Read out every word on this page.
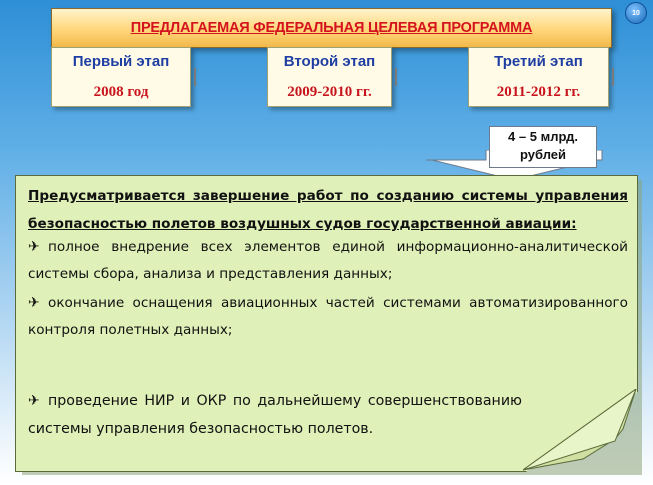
10
ПРЕДЛАГАЕМАЯ ФЕДЕРАЛЬНАЯ ЦЕЛЕВАЯ ПРОГРАММА
Первый этап
2008 год
Второй этап
2009-2010 гг.
Третий этап
2011-2012 гг.
4 – 5 млрд.
рублей
Предусматривается завершение работ по созданию системы управления безопасностью полетов воздушных судов государственной авиации:
✈ полное внедрение всех элементов единой информационно-аналитической системы сбора, анализа и представления данных;
✈ окончание оснащения авиационных частей системами автоматизированного контроля полетных данных;
✈ проведение НИР и ОКР по дальнейшему совершенствованию системы управления безопасностью полетов.
